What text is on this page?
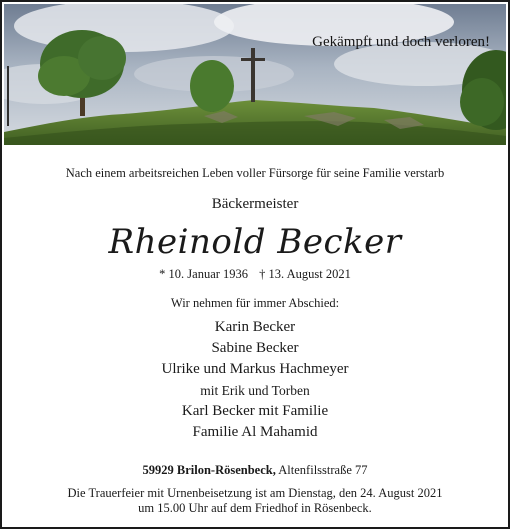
Gekämpft und doch verloren!
Nach einem arbeitsreichen Leben voller Fürsorge für seine Familie verstarb
Bäckermeister
Rheinold Becker
* 10. Januar 1936 † 13. August 2021
Wir nehmen für immer Abschied:
Karin Becker
Sabine Becker
Ulrike und Markus Hachmeyer
mit Erik und Torben
Karl Becker mit Familie
Familie Al Mahamid
59929 Brilon-Rösenbeck, Altenfilsstraße 77
Die Trauerfeier mit Urnenbeisetzung ist am Dienstag, den 24. August 2021
um 15.00 Uhr auf dem Friedhof in Rösenbeck.
